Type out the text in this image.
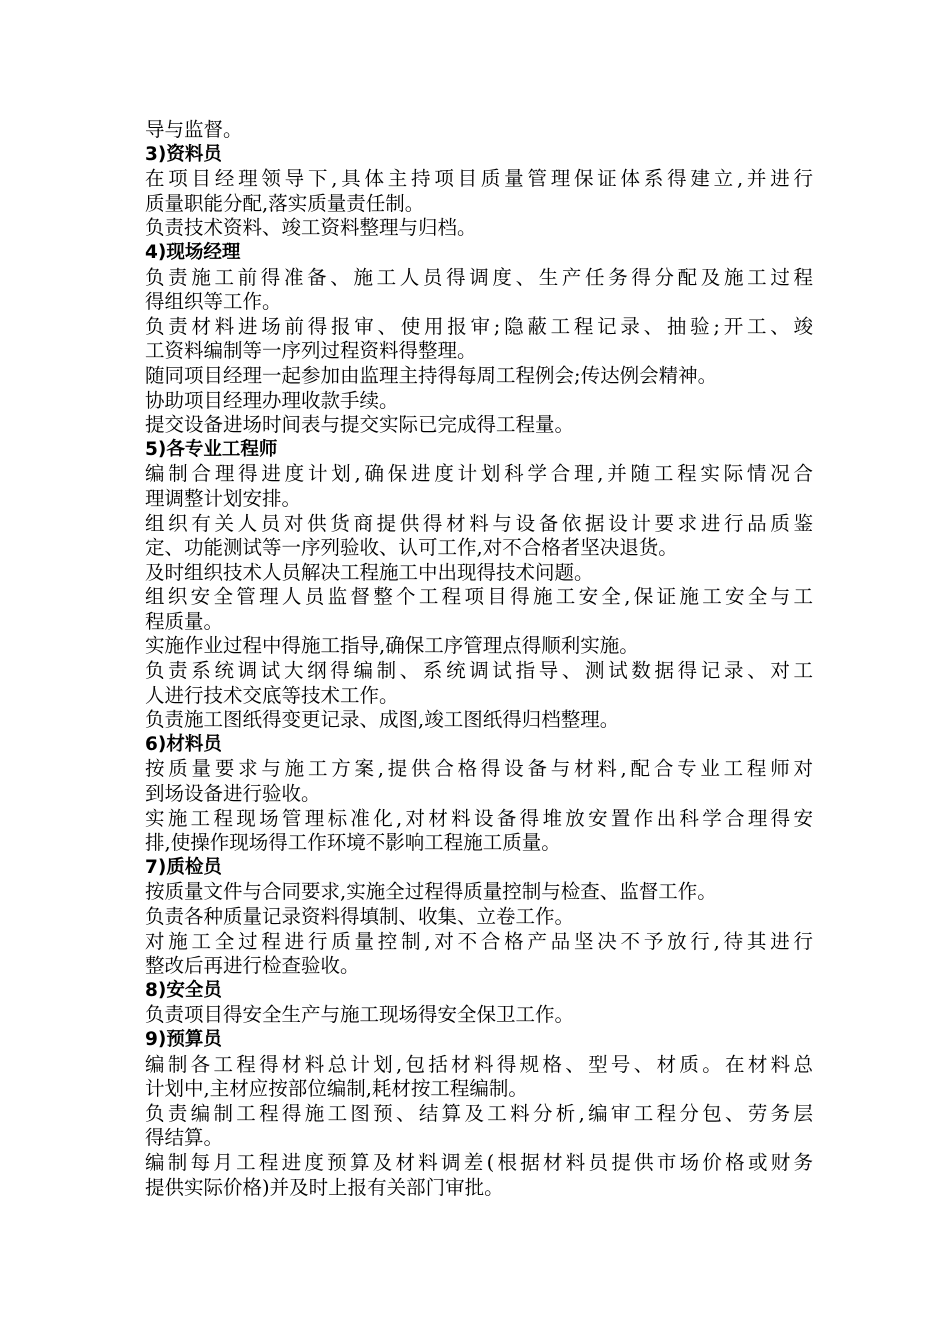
导与监督。
3)资料员
在项目经理领导下,具体主持项目质量管理保证体系得建立,并进行
质量职能分配,落实质量责任制。
负责技术资料、竣工资料整理与归档。
4)现场经理
负责施工前得准备、施工人员得调度、生产任务得分配及施工过程
得组织等工作。
负责材料进场前得报审、使用报审;隐蔽工程记录、抽验;开工、竣
工资料编制等一序列过程资料得整理。
随同项目经理一起参加由监理主持得每周工程例会;传达例会精神。
协助项目经理办理收款手续。
提交设备进场时间表与提交实际已完成得工程量。
5)各专业工程师
编制合理得进度计划,确保进度计划科学合理,并随工程实际情况合
理调整计划安排。
组织有关人员对供货商提供得材料与设备依据设计要求进行品质鉴
定、功能测试等一序列验收、认可工作,对不合格者坚决退货。
及时组织技术人员解决工程施工中出现得技术问题。
组织安全管理人员监督整个工程项目得施工安全,保证施工安全与工
程质量。
实施作业过程中得施工指导,确保工序管理点得顺利实施。
负责系统调试大纲得编制、系统调试指导、测试数据得记录、对工
人进行技术交底等技术工作。
负责施工图纸得变更记录、成图,竣工图纸得归档整理。
6)材料员
按质量要求与施工方案,提供合格得设备与材料,配合专业工程师对
到场设备进行验收。
实施工程现场管理标准化,对材料设备得堆放安置作出科学合理得安
排,使操作现场得工作环境不影响工程施工质量。
7)质检员
按质量文件与合同要求,实施全过程得质量控制与检查、监督工作。
负责各种质量记录资料得填制、收集、立卷工作。
对施工全过程进行质量控制,对不合格产品坚决不予放行,待其进行
整改后再进行检查验收。
8)安全员
负责项目得安全生产与施工现场得安全保卫工作。
9)预算员
编制各工程得材料总计划,包括材料得规格、型号、材质。在材料总
计划中,主材应按部位编制,耗材按工程编制。
负责编制工程得施工图预、结算及工料分析,编审工程分包、劳务层
得结算。
编制每月工程进度预算及材料调差(根据材料员提供市场价格或财务
提供实际价格)并及时上报有关部门审批。
